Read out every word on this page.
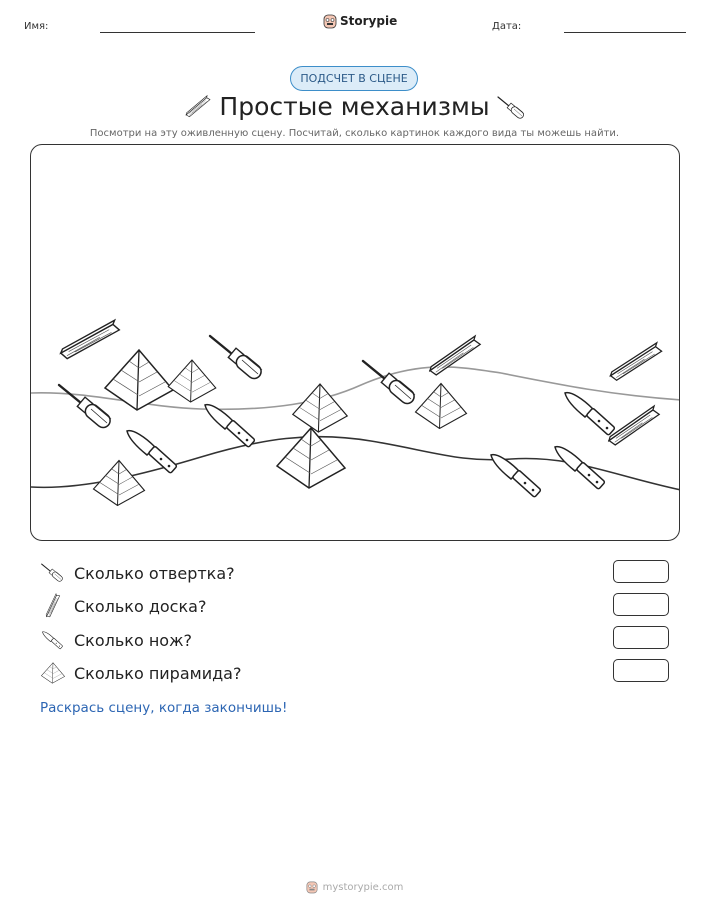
Имя:	Storypie	Дата:
ПОДСЧЕТ В СЦЕНЕ
Простые механизмы
Посмотри на эту оживленную сцену. Посчитай, сколько картинок каждого вида ты можешь найти.
Сколько отвертка?
Сколько доска?
Сколько нож?
Сколько пирамида?
Раскрась сцену, когда закончишь!
mystorypie.com
